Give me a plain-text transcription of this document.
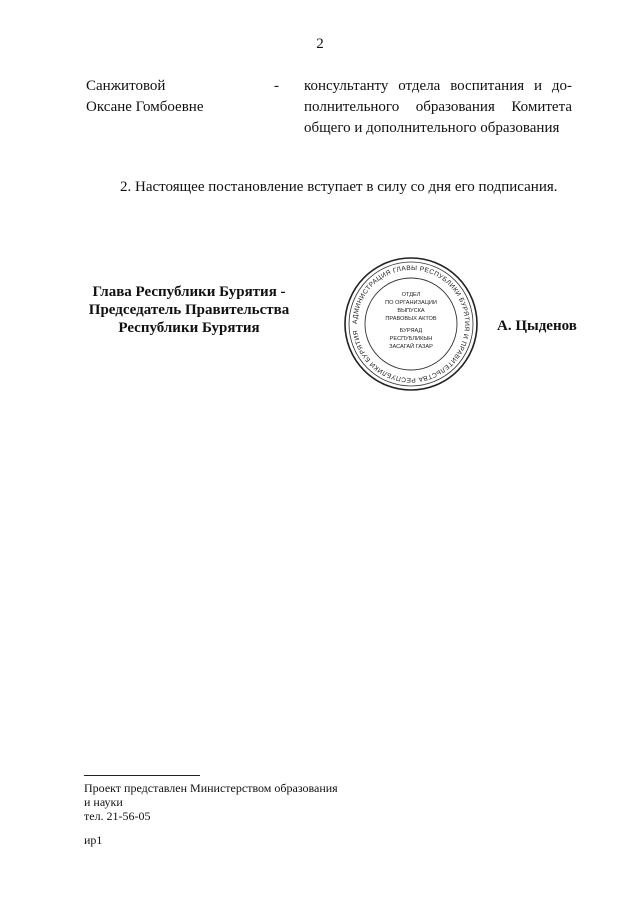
2
Санжитовой
Оксане Гомбоевне
- консультанту отдела воспитания и до-полнительного образования Комитета общего и дополнительного образования
2. Настоящее постановление вступает в силу со дня его подписания.
Глава Республики Бурятия -
Председатель Правительства
Республики Бурятия	АДМИНИСТРАЦИЯ ГЛАВЫ РЕСПУБЛИКИ БУРЯТИЯ И ПРАВИТЕЛЬСТВА РЕСПУБЛИКИ БУРЯТИЯ
ОТДЕЛ
ПО ОРГАНИЗАЦИИ
ВЫПУСКА
ПРАВОВЫХ АКТОВ
БУРЯАД
РЕСПУБЛИКЫН
ЗАСАГАЙ ГАЗАР
А. Цыденов
Проект представлен Министерством образования
и науки
тел. 21-56-05
ир1
